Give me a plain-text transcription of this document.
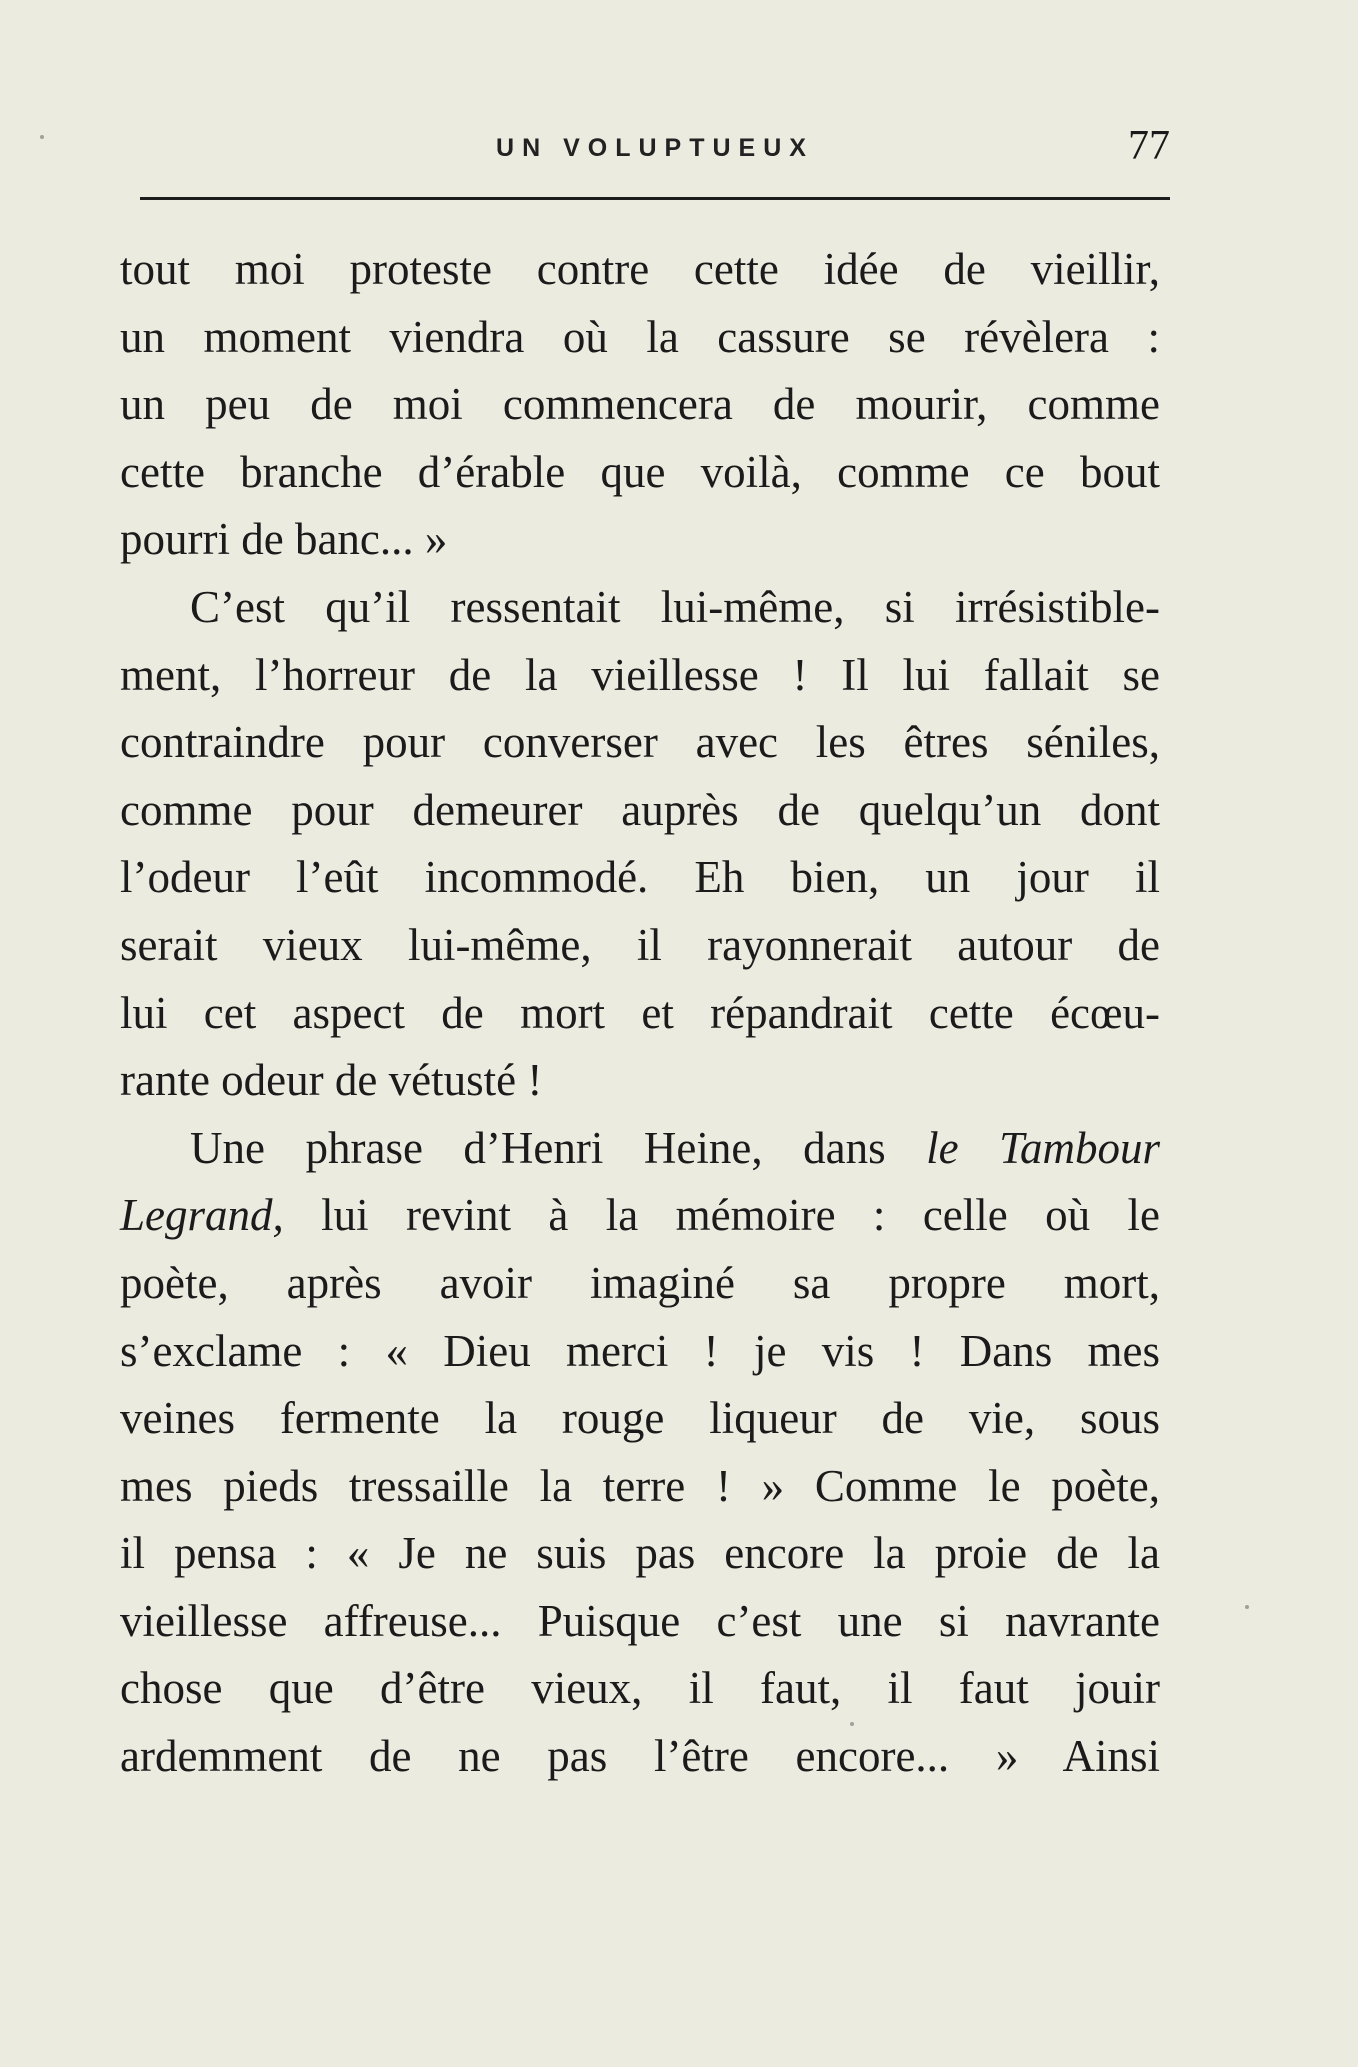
UN VOLUPTUEUX	77
tout moi proteste contre cette idée de vieillir,
un moment viendra où la cassure se révèlera :
un peu de moi commencera de mourir, comme
cette branche d’érable que voilà, comme ce bout
pourri de banc... »
C’est qu’il ressentait lui-même, si irrésistible-
ment, l’horreur de la vieillesse ! Il lui fallait se
contraindre pour converser avec les êtres séniles,
comme pour demeurer auprès de quelqu’un dont
l’odeur l’eût incommodé. Eh bien, un jour il
serait vieux lui-même, il rayonnerait autour de
lui cet aspect de mort et répandrait cette écœu-
rante odeur de vétusté !
Une phrase d’Henri Heine, dans le Tambour
Legrand, lui revint à la mémoire : celle où le
poète, après avoir imaginé sa propre mort,
s’exclame : « Dieu merci ! je vis ! Dans mes
veines fermente la rouge liqueur de vie, sous
mes pieds tressaille la terre ! » Comme le poète,
il pensa : « Je ne suis pas encore la proie de la
vieillesse affreuse... Puisque c’est une si navrante
chose que d’être vieux, il faut, il faut jouir
ardemment de ne pas l’être encore... » Ainsi
